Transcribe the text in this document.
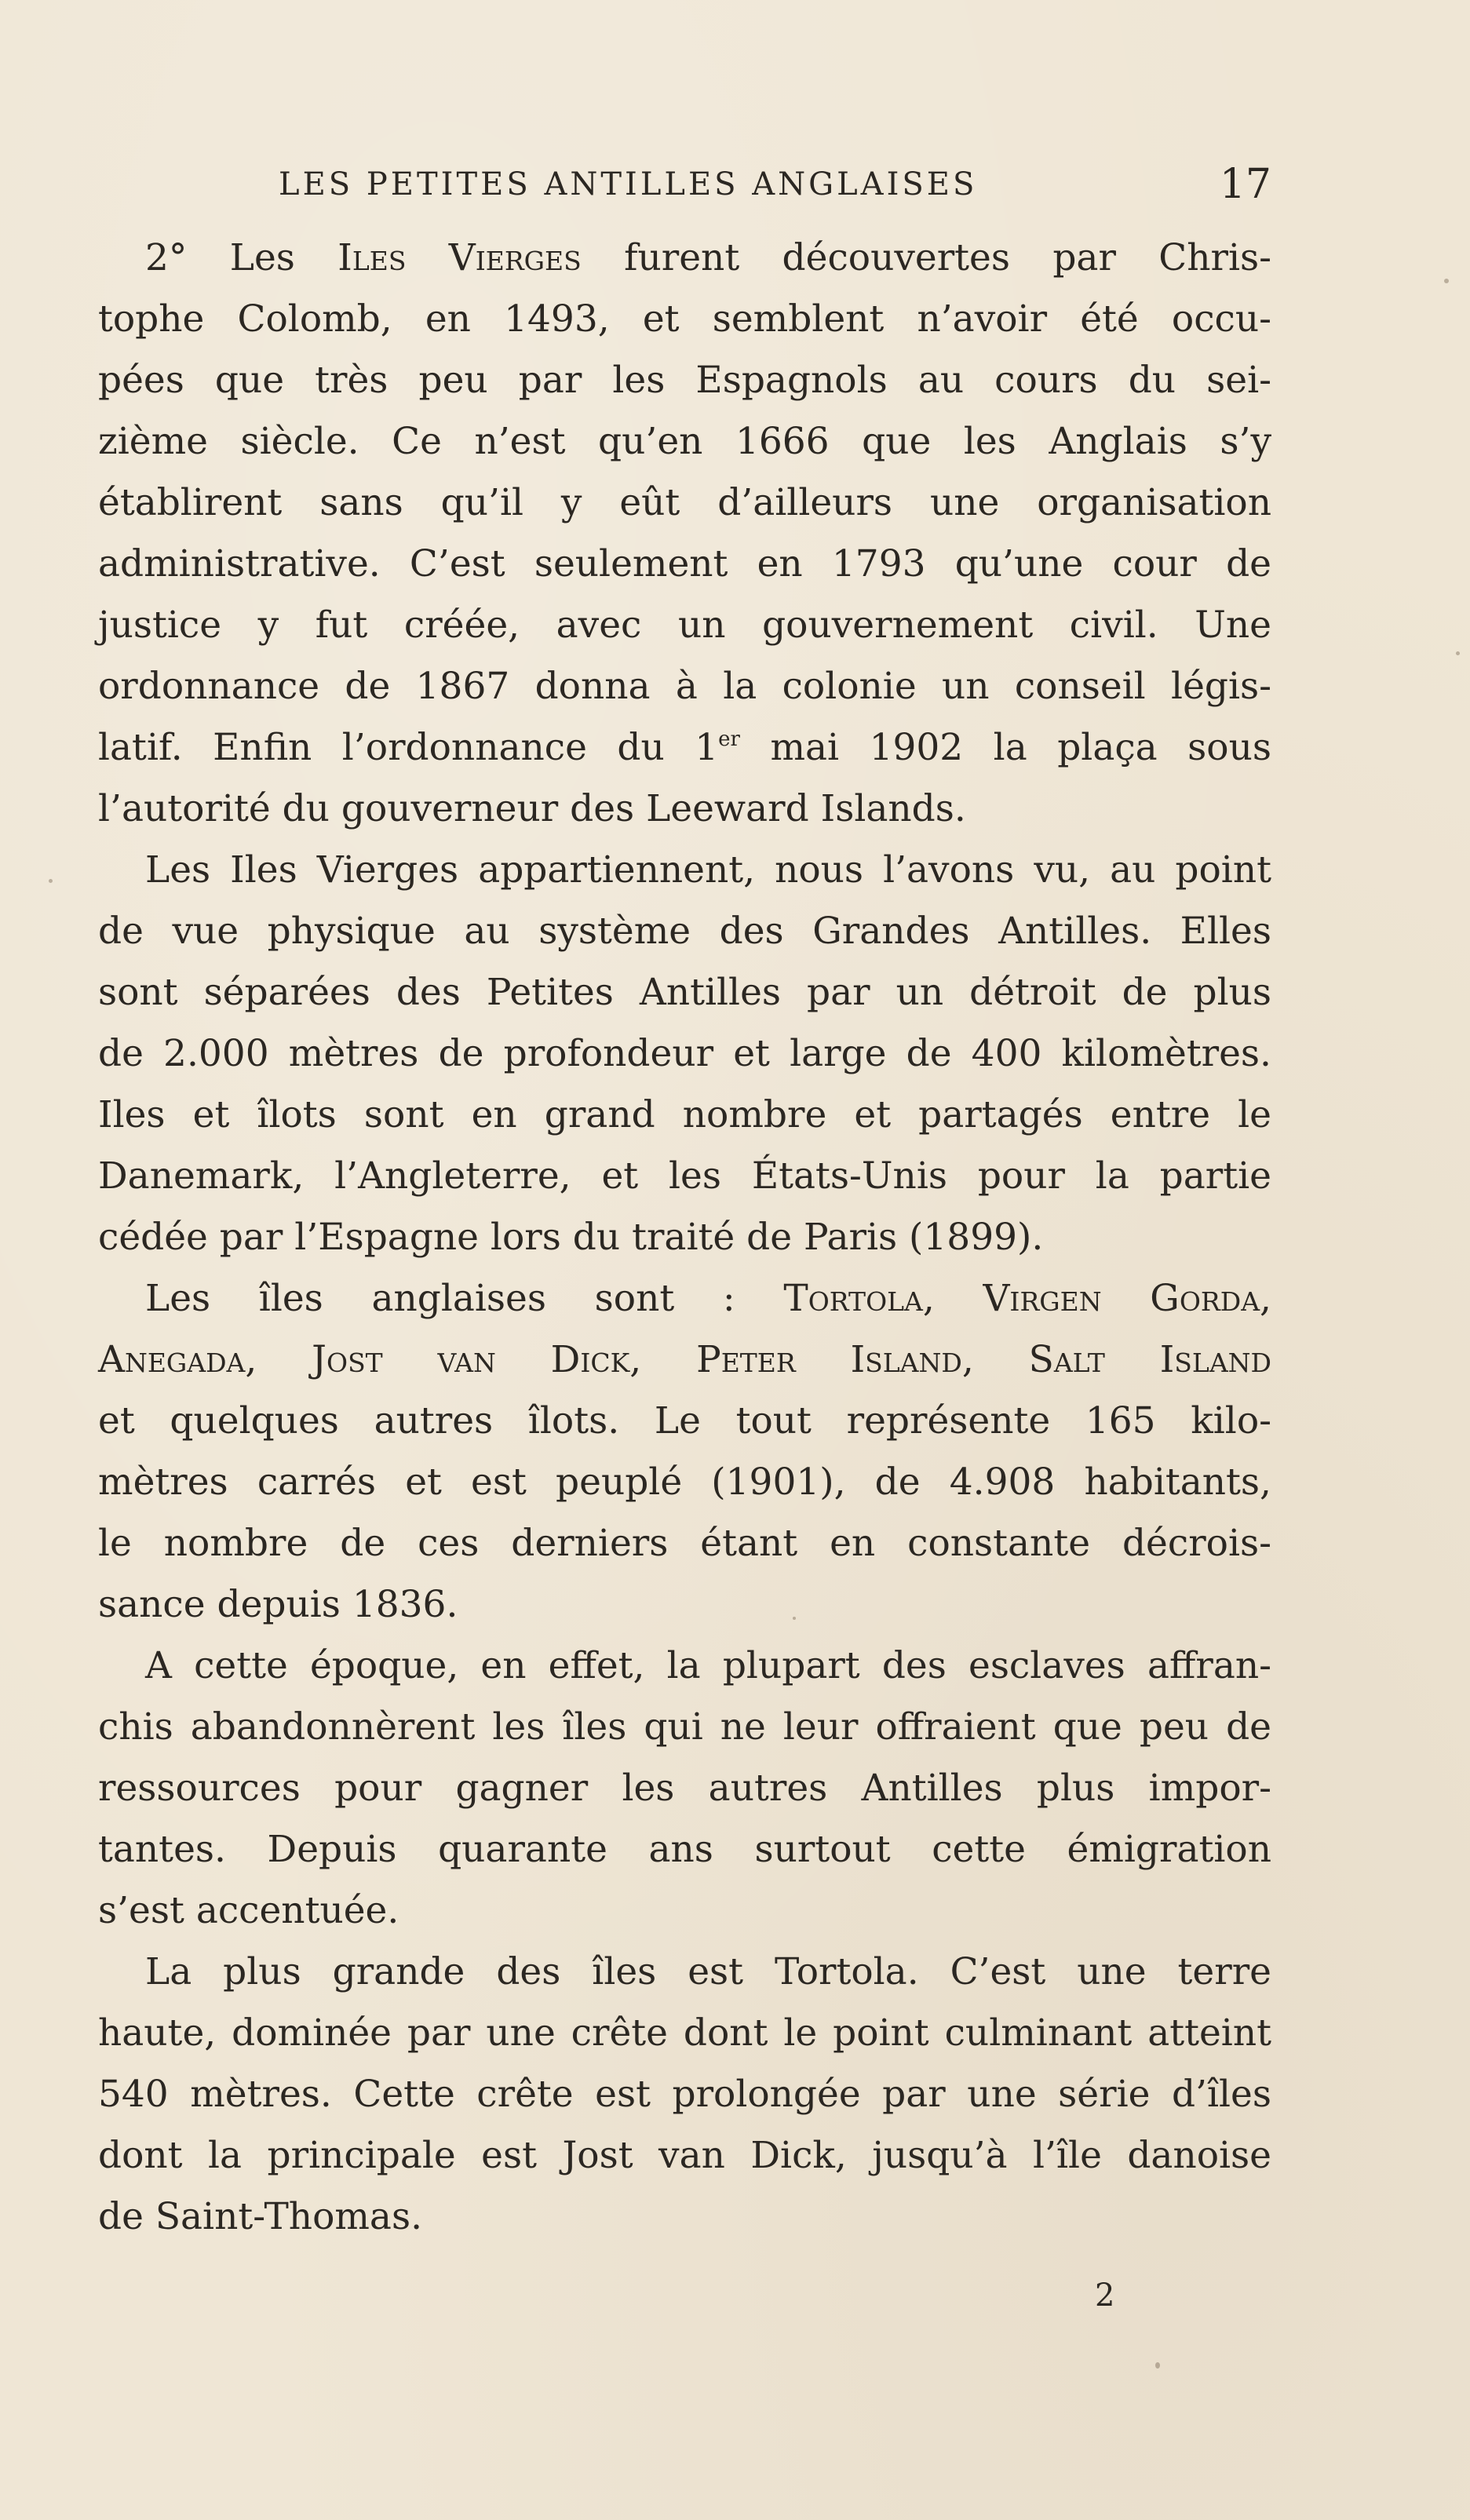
LES PETITES ANTILLES ANGLAISES	17
2° Les Iles Vierges furent découvertes par Chris-
tophe Colomb, en 1493, et semblent n’avoir été occu-
pées que très peu par les Espagnols au cours du sei-
zième siècle. Ce n’est qu’en 1666 que les Anglais s’y
établirent sans qu’il y eût d’ailleurs une organisation
administrative. C’est seulement en 1793 qu’une cour de
justice y fut créée, avec un gouvernement civil. Une
ordonnance de 1867 donna à la colonie un conseil légis-
latif. Enfin l’ordonnance du 1er mai 1902 la plaça sous
l’autorité du gouverneur des Leeward Islands.
Les Iles Vierges appartiennent, nous l’avons vu, au point
de vue physique au système des Grandes Antilles. Elles
sont séparées des Petites Antilles par un détroit de plus
de 2.000 mètres de profondeur et large de 400 kilomètres.
Iles et îlots sont en grand nombre et partagés entre le
Danemark, l’Angleterre, et les États-Unis pour la partie
cédée par l’Espagne lors du traité de Paris (1899).
Les îles anglaises sont : Tortola, Virgen Gorda,
Anegada, Jost van Dick, Peter Island, Salt Island
et quelques autres îlots. Le tout représente 165 kilo-
mètres carrés et est peuplé (1901), de 4.908 habitants,
le nombre de ces derniers étant en constante décrois-
sance depuis 1836.
A cette époque, en effet, la plupart des esclaves affran-
chis abandonnèrent les îles qui ne leur offraient que peu de
ressources pour gagner les autres Antilles plus impor-
tantes. Depuis quarante ans surtout cette émigration
s’est accentuée.
La plus grande des îles est Tortola. C’est une terre
haute, dominée par une crête dont le point culminant atteint
540 mètres. Cette crête est prolongée par une série d’îles
dont la principale est Jost van Dick, jusqu’à l’île danoise
de Saint-Thomas.
2
